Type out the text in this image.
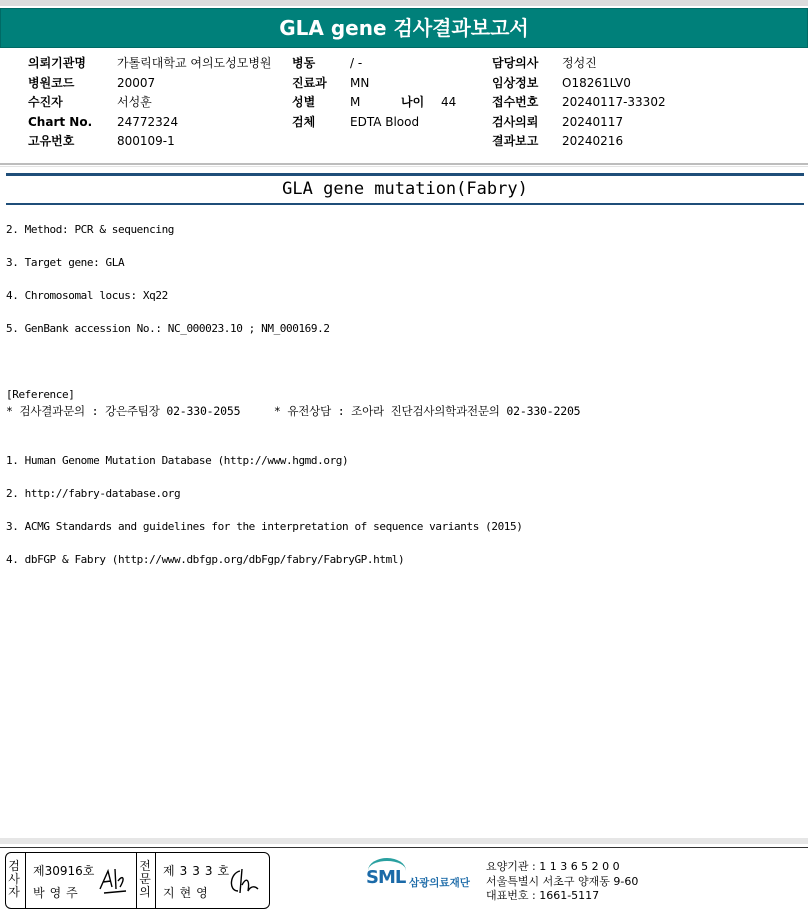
GLA gene 검사결과보고서
의뢰기관명
병원코드
수진자
Chart No.
고유번호
가톨릭대학교 여의도성모병원
20007
서성훈
24772324
800109-1
병동
진료과
성별
검체
/ -
MN
M
EDTA Blood
나이 44
담당의사
임상정보
접수번호
검사의뢰
결과보고
정성진
O18261LV0
20240117-33302
20240117
20240216
GLA gene mutation(Fabry)

2. Method: PCR & sequencing

3. Target gene: GLA

4. Chromosomal locus: Xq22

5. GenBank accession No.: NC_000023.10 ; NM_000169.2

[Reference]

1. Human Genome Mutation Database (http://www.hgmd.org)

2. http://fabry-database.org

3. ACMG Standards and guidelines for the interpretation of sequence variants (2015)

4. dbFGP & Fabry (http://www.dbfgp.org/dbFgp/fabry/FabryGP.html)

* 검사결과문의 : 강은주팀장 02-330-2055     * 유전상담 : 조아라 진단검사의학과전문의 02-330-2205
검사자
제30916호
박영주
전문의
제333호
지현영
SML 삼광의료재단
요양기관 : 1 1 3 6 5 2 0 0
서울특별시 서초구 양재동 9-60
대표번호 : 1661-5117
